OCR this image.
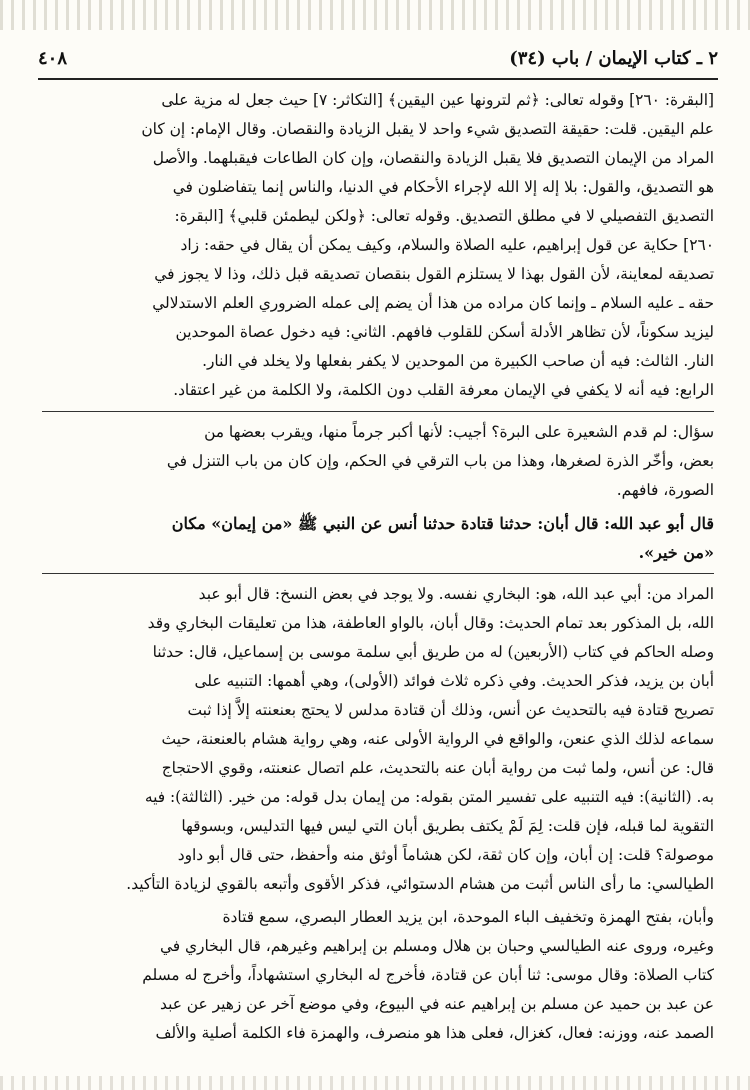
٢ ـ كتاب الإيمان / باب (٣٤)
٤٠٨

[البقرة: ٢٦٠] وقوله تعالى: ﴿ثم لترونها عين اليقين﴾ [التكاثر: ٧] حيث جعل له مزية على

علم اليقين. قلت: حقيقة التصديق شيء واحد لا يقبل الزيادة والنقصان. وقال الإمام: إن كان

المراد من الإيمان التصديق فلا يقبل الزيادة والنقصان، وإن كان الطاعات فيقبلهما. والأصل

هو التصديق، والقول: بلا إله إلا الله لإجراء الأحكام في الدنيا، والناس إنما يتفاضلون في

التصديق التفصيلي لا في مطلق التصديق. وقوله تعالى: ﴿ولكن ليطمئن قلبي﴾ [البقرة:

٢٦٠] حكاية عن قول إبراهيم، عليه الصلاة والسلام، وكيف يمكن أن يقال في حقه: زاد

تصديقه لمعاينة، لأن القول بهذا لا يستلزم القول بنقصان تصديقه قبل ذلك، وذا لا يجوز في

حقه ـ عليه السلام ـ وإنما كان مراده من هذا أن يضم إلى عمله الضروري العلم الاستدلالي

ليزيد سكوناً، لأن تظاهر الأدلة أسكن للقلوب فافهم. الثاني: فيه دخول عصاة الموحدين

النار. الثالث: فيه أن صاحب الكبيرة من الموحدين لا يكفر بفعلها ولا يخلد في النار.

الرابع: فيه أنه لا يكفي في الإيمان معرفة القلب دون الكلمة، ولا الكلمة من غير اعتقاد.

سؤال: لم قدم الشعيرة على البرة؟ أجيب: لأنها أكبر جرماً منها، ويقرب بعضها من

بعض، وأخّر الذرة لصغرها، وهذا من باب الترقي في الحكم، وإن كان من باب التنزل في

الصورة، فافهم.

قال أبو عبد الله: قال أبان: حدثنا قتادة حدثنا أنس عن النبي ﷺ «من إيمان» مكان

«من خير».

المراد من: أبي عبد الله، هو: البخاري نفسه. ولا يوجد في بعض النسخ: قال أبو عبد

الله، بل المذكور بعد تمام الحديث: وقال أبان، بالواو العاطفة، هذا من تعليقات البخاري وقد

وصله الحاكم في كتاب (الأربعين) له من طريق أبي سلمة موسى بن إسماعيل، قال: حدثنا

أبان بن يزيد، فذكر الحديث. وفي ذكره ثلاث فوائد (الأولى)، وهي أهمها: التنبيه على

تصريح قتادة فيه بالتحديث عن أنس، وذلك أن قتادة مدلس لا يحتج بعنعنته إلاَّ إذا ثبت

سماعه لذلك الذي عنعن، والواقع في الرواية الأولى عنه، وهي رواية هشام بالعنعنة، حيث

قال: عن أنس، ولما ثبت من رواية أبان عنه بالتحديث، علم اتصال عنعنته، وقوي الاحتجاج

به. (الثانية): فيه التنبيه على تفسير المتن بقوله: من إيمان بدل قوله: من خير. (الثالثة): فيه

التقوية لما قبله، فإن قلت: لِمَ لَمْ يكتف بطريق أبان التي ليس فيها التدليس، وبسوقها

موصولة؟ قلت: إن أبان، وإن كان ثقة، لكن هشاماً أوثق منه وأحفظ، حتى قال أبو داود

الطيالسي: ما رأى الناس أثبت من هشام الدستوائي، فذكر الأقوى وأتبعه بالقوي لزيادة التأكيد.

وأبان، بفتح الهمزة وتخفيف الباء الموحدة، ابن يزيد العطار البصري، سمع قتادة

وغيره، وروى عنه الطيالسي وحبان بن هلال ومسلم بن إبراهيم وغيرهم، قال البخاري في

كتاب الصلاة: وقال موسى: ثنا أبان عن قتادة، فأخرج له البخاري استشهاداً، وأخرج له مسلم

عن عبد بن حميد عن مسلم بن إبراهيم عنه في البيوع، وفي موضع آخر عن زهير عن عبد

الصمد عنه، ووزنه: فعال، كغزال، فعلى هذا هو منصرف، والهمزة فاء الكلمة أصلية والألف
